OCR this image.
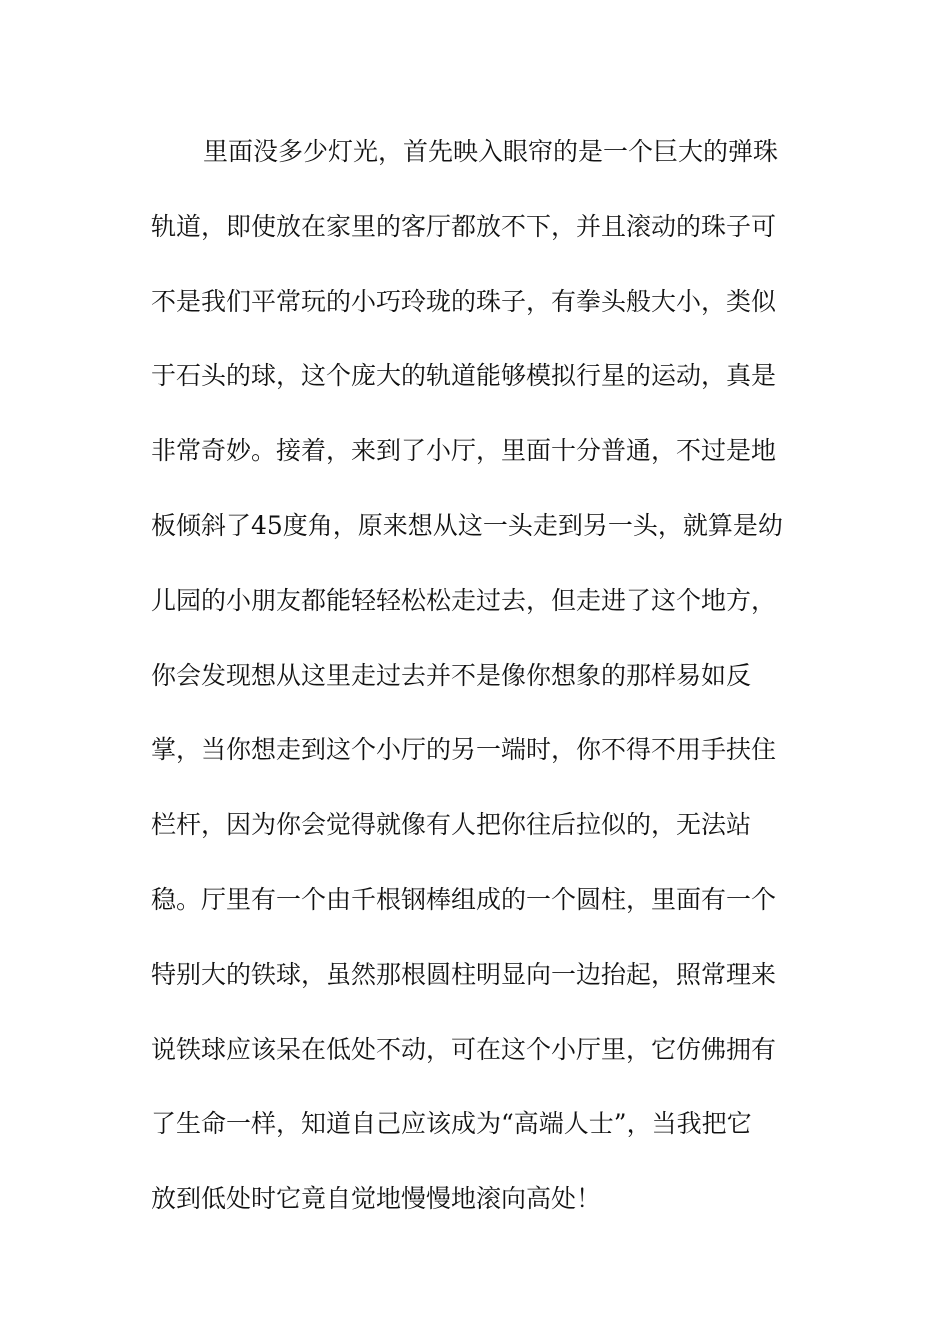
里面没多少灯光，首先映入眼帘的是一个巨大的弹珠
轨道，即使放在家里的客厅都放不下，并且滚动的珠子可
不是我们平常玩的小巧玲珑的珠子，有拳头般大小，类似
于石头的球，这个庞大的轨道能够模拟行星的运动，真是
非常奇妙。接着，来到了小厅，里面十分普通，不过是地
板倾斜了45度角，原来想从这一头走到另一头，就算是幼
儿园的小朋友都能轻轻松松走过去，但走进了这个地方，
你会发现想从这里走过去并不是像你想象的那样易如反
掌，当你想走到这个小厅的另一端时，你不得不用手扶住
栏杆，因为你会觉得就像有人把你往后拉似的，无法站
稳。厅里有一个由千根钢棒组成的一个圆柱，里面有一个
特别大的铁球，虽然那根圆柱明显向一边抬起，照常理来
说铁球应该呆在低处不动，可在这个小厅里，它仿佛拥有
了生命一样，知道自己应该成为“高端人士”，当我把它
放到低处时它竟自觉地慢慢地滚向高处！
